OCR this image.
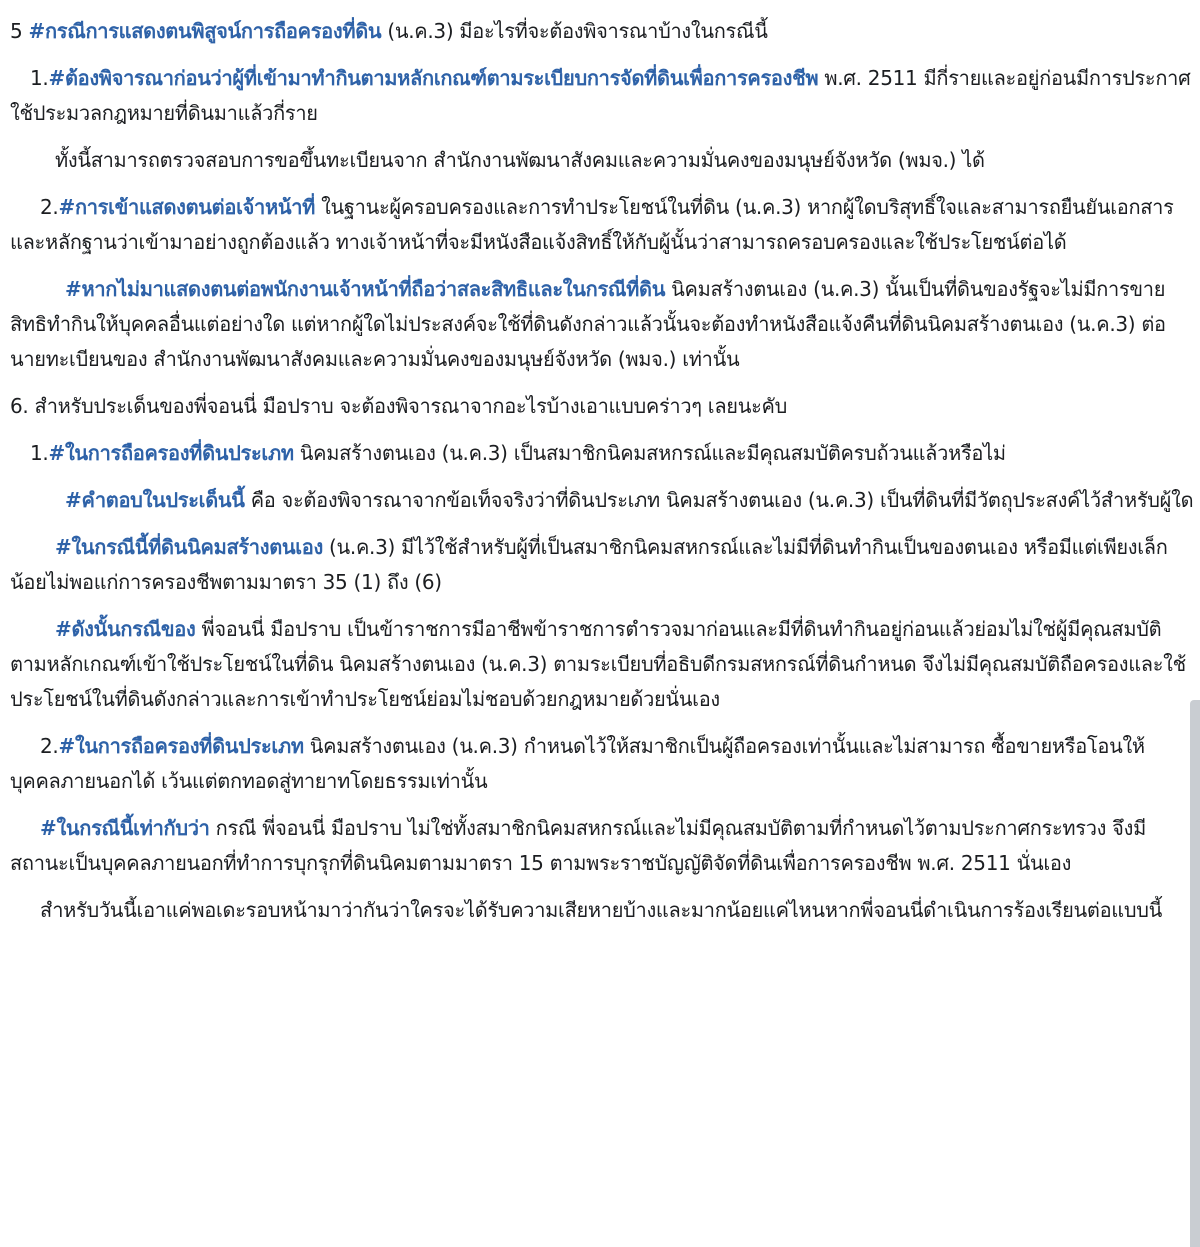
5 #กรณีการแสดงตนพิสูจน์การถือครองที่ดิน (น.ค.3) มีอะไรที่จะต้องพิจารณาบ้างในกรณีนี้

1.#ต้องพิจารณาก่อนว่าผู้ที่เข้ามาทำกินตามหลักเกณฑ์ตามระเบียบการจัดที่ดินเพื่อการครองชีพ พ.ศ. 2511 มีกี่รายและอยู่ก่อนมีการประกาศใช้ประมวลกฎหมายที่ดินมาแล้วกี่ราย

ทั้งนี้สามารถตรวจสอบการขอขึ้นทะเบียนจาก สำนักงานพัฒนาสังคมและความมั่นคงของมนุษย์จังหวัด (พมจ.) ได้

2.#การเข้าแสดงตนต่อเจ้าหน้าที่ ในฐานะผู้ครอบครองและการทำประโยชน์ในที่ดิน (น.ค.3) หากผู้ใดบริสุทธิ์ใจและสามารถยืนยันเอกสารและหลักฐานว่าเข้ามาอย่างถูกต้องแล้ว ทางเจ้าหน้าที่จะมีหนังสือแจ้งสิทธิ์ให้กับผู้นั้นว่าสามารถครอบครองและใช้ประโยชน์ต่อได้

#หากไม่มาแสดงตนต่อพนักงานเจ้าหน้าที่ถือว่าสละสิทธิและในกรณีที่ดิน นิคมสร้างตนเอง (น.ค.3) นั้นเป็นที่ดินของรัฐจะไม่มีการขายสิทธิทำกินให้บุคคลอื่นแต่อย่างใด แต่หากผู้ใดไม่ประสงค์จะใช้ที่ดินดังกล่าวแล้วนั้นจะต้องทำหนังสือแจ้งคืนที่ดินนิคมสร้างตนเอง (น.ค.3) ต่อนายทะเบียนของ สำนักงานพัฒนาสังคมและความมั่นคงของมนุษย์จังหวัด (พมจ.) เท่านั้น

6. สำหรับประเด็นของพี่จอนนี่ มือปราบ จะต้องพิจารณาจากอะไรบ้างเอาแบบคร่าวๆ เลยนะคับ

1.#ในการถือครองที่ดินประเภท นิคมสร้างตนเอง (น.ค.3) เป็นสมาชิกนิคมสหกรณ์และมีคุณสมบัติครบถ้วนแล้วหรือไม่

#คำตอบในประเด็นนี้ คือ จะต้องพิจารณาจากข้อเท็จจริงว่าที่ดินประเภท นิคมสร้างตนเอง (น.ค.3) เป็นที่ดินที่มีวัตถุประสงค์ไว้สำหรับผู้ใด

#ในกรณีนี้ที่ดินนิคมสร้างตนเอง (น.ค.3) มีไว้ใช้สำหรับผู้ที่เป็นสมาชิกนิคมสหกรณ์และไม่มีที่ดินทำกินเป็นของตนเอง หรือมีแต่เพียงเล็กน้อยไม่พอแก่การครองชีพตามมาตรา 35 (1) ถึง (6)

#ดังนั้นกรณีของ พี่จอนนี่ มือปราบ เป็นข้าราชการมีอาชีพข้าราชการตำรวจมาก่อนและมีที่ดินทำกินอยู่ก่อนแล้วย่อมไม่ใช่ผู้มีคุณสมบัติตามหลักเกณฑ์เข้าใช้ประโยชน์ในที่ดิน นิคมสร้างตนเอง (น.ค.3) ตามระเบียบที่อธิบดีกรมสหกรณ์ที่ดินกำหนด จึงไม่มีคุณสมบัติถือครองและใช้ประโยชน์ในที่ดินดังกล่าวและการเข้าทำประโยชน์ย่อมไม่ชอบด้วยกฎหมายด้วยนั่นเอง

2.#ในการถือครองที่ดินประเภท นิคมสร้างตนเอง (น.ค.3) กำหนดไว้ให้สมาชิกเป็นผู้ถือครองเท่านั้นและไม่สามารถ ซื้อขายหรือโอนให้บุคคลภายนอกได้ เว้นแต่ตกทอดสู่ทายาทโดยธรรมเท่านั้น

#ในกรณีนี้เท่ากับว่า กรณี พี่จอนนี่ มือปราบ ไม่ใช่ทั้งสมาชิกนิคมสหกรณ์และไม่มีคุณสมบัติตามที่กำหนดไว้ตามประกาศกระทรวง จึงมีสถานะเป็นบุคคลภายนอกที่ทำการบุกรุกที่ดินนิคมตามมาตรา 15 ตามพระราชบัญญัติจัดที่ดินเพื่อการครองชีพ พ.ศ. 2511 นั่นเอง

สำหรับวันนี้เอาแค่พอเดะรอบหน้ามาว่ากันว่าใครจะได้รับความเสียหายบ้างและมากน้อยแค่ไหนหากพี่จอนนี่ดำเนินการร้องเรียนต่อแบบนี้
